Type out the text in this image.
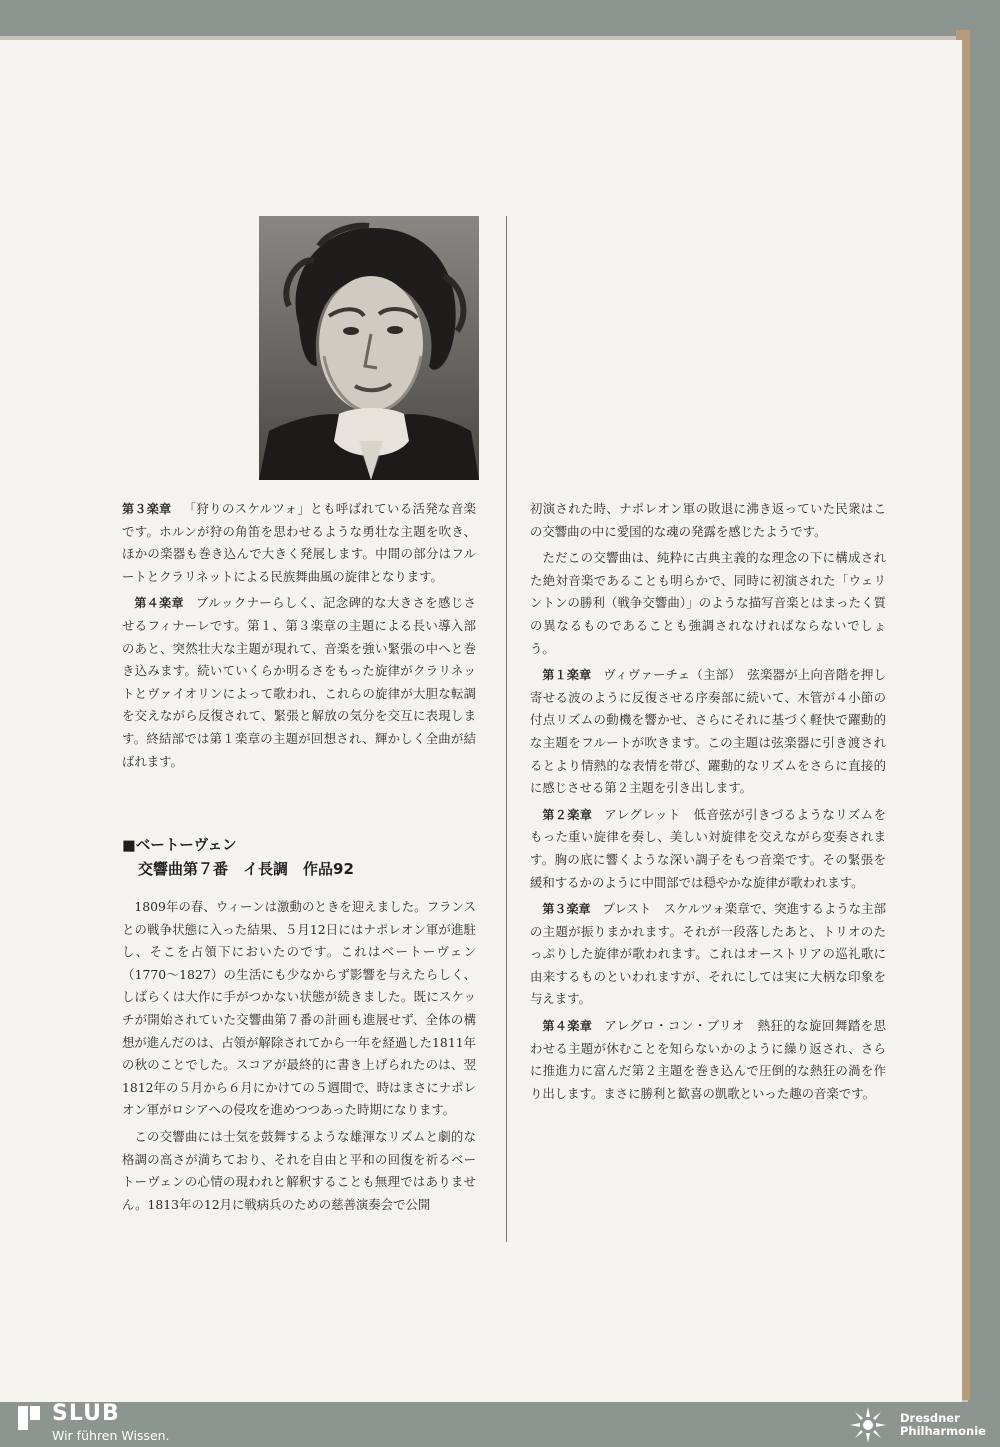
第３楽章 「狩りのスケルツォ」とも呼ばれている活発な音楽です。ホルンが狩の角笛を思わせるような勇壮な主題を吹き、ほかの楽器も巻き込んで大きく発展します。中間の部分はフルートとクラリネットによる民族舞曲風の旋律となります。

第４楽章 ブルックナーらしく、記念碑的な大きさを感じさせるフィナーレです。第１、第３楽章の主題による長い導入部のあと、突然壮大な主題が現れて、音楽を強い緊張の中へと巻き込みます。続いていくらか明るさをもった旋律がクラリネットとヴァイオリンによって歌われ、これらの旋律が大胆な転調を交えながら反復されて、緊張と解放の気分を交互に表現します。終結部では第１楽章の主題が回想され、輝かしく全曲が結ばれます。

■ベートーヴェン
交響曲第７番　イ長調　作品92

1809年の春、ウィーンは激動のときを迎えました。フランスとの戦争状態に入った結果、５月12日にはナポレオン軍が進駐し、そこを占領下においたのです。これはベートーヴェン（1770〜1827）の生活にも少なからず影響を与えたらしく、しばらくは大作に手がつかない状態が続きました。既にスケッチが開始されていた交響曲第７番の計画も進展せず、全体の構想が進んだのは、占領が解除されてから一年を経過した1811年の秋のことでした。スコアが最終的に書き上げられたのは、翌1812年の５月から６月にかけての５週間で、時はまさにナポレオン軍がロシアへの侵攻を進めつつあった時期になります。

この交響曲には士気を鼓舞するような雄渾なリズムと劇的な格調の高さが満ちており、それを自由と平和の回復を祈るベートーヴェンの心情の現われと解釈することも無理ではありません。1813年の12月に戦病兵のための慈善演奏会で公開

初演された時、ナポレオン軍の敗退に沸き返っていた民衆はこの交響曲の中に愛国的な魂の発露を感じたようです。

ただこの交響曲は、純粋に古典主義的な理念の下に構成された絶対音楽であることも明らかで、同時に初演された「ウェリントンの勝利（戦争交響曲）」のような描写音楽とはまったく質の異なるものであることも強調されなければならないでしょう。

第１楽章 ヴィヴァーチェ（主部）　弦楽器が上向音階を押し寄せる波のように反復させる序奏部に続いて、木管が４小節の付点リズムの動機を響かせ、さらにそれに基づく軽快で躍動的な主題をフルートが吹きます。この主題は弦楽器に引き渡されるとより情熱的な表情を帯び、躍動的なリズムをさらに直接的に感じさせる第２主題を引き出します。

第２楽章 アレグレット　低音弦が引きづるようなリズムをもった重い旋律を奏し、美しい対旋律を交えながら変奏されます。胸の底に響くような深い調子をもつ音楽です。その緊張を緩和するかのように中間部では穏やかな旋律が歌われます。

第３楽章 プレスト　スケルツォ楽章で、突進するような主部の主題が振りまかれます。それが一段落したあと、トリオのたっぷりした旋律が歌われます。これはオーストリアの巡礼歌に由来するものといわれますが、それにしては実に大柄な印象を与えます。

第４楽章 アレグロ・コン・ブリオ　熱狂的な旋回舞踏を思わせる主題が休むことを知らないかのように繰り返され、さらに推進力に富んだ第２主題を巻き込んで圧倒的な熱狂の渦を作り出します。まさに勝利と歓喜の凱歌といった趣の音楽です。

SLUB
Wir führen Wissen.
Dresdner
Philharmonie
